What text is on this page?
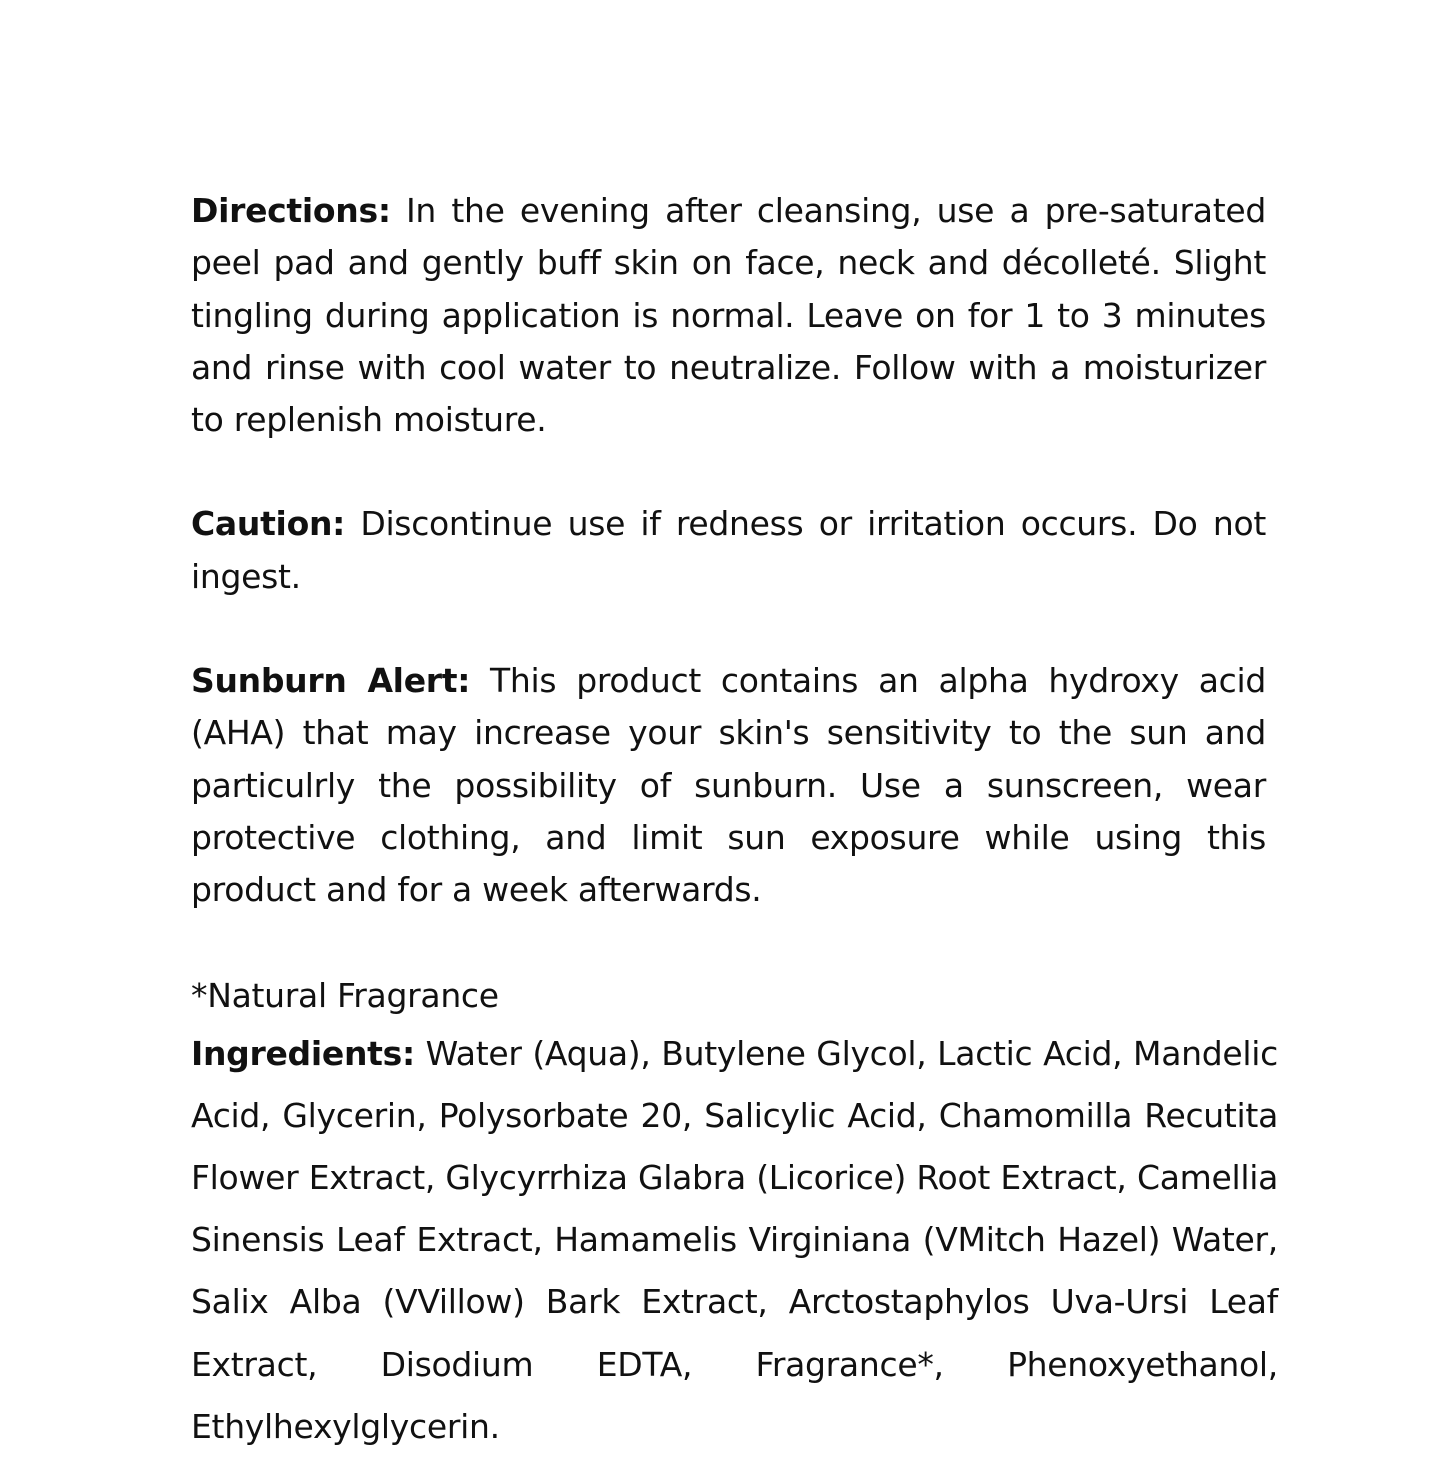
Directions: In the evening after cleansing, use a pre-saturated peel pad and gently buff skin on face, neck and décolleté. Slight tingling during application is normal. Leave on for 1 to 3 minutes and rinse with cool water to neutralize. Follow with a moisturizer to replenish moisture.

Caution: Discontinue use if redness or irritation occurs. Do not ingest.

Sunburn Alert: This product contains an alpha hydroxy acid (AHA) that may increase your skin's sensitivity to the sun and particulrly the possibility of sunburn. Use a sunscreen, wear protective clothing, and limit sun exposure while using this product and for a week afterwards.

*Natural Fragrance

Ingredients: Water (Aqua), Butylene Glycol, Lactic Acid, Mandelic Acid, Glycerin, Polysorbate 20, Salicylic Acid, Chamomilla Recutita Flower Extract, Glycyrrhiza Glabra (Licorice) Root Extract, Camellia Sinensis Leaf Extract, Hamamelis Virginiana (VMitch Hazel) Water, Salix Alba (VVillow) Bark Extract, Arctostaphylos Uva-Ursi Leaf Extract, Disodium EDTA, Fragrance*, Phenoxyethanol, Ethylhexylglycerin.
